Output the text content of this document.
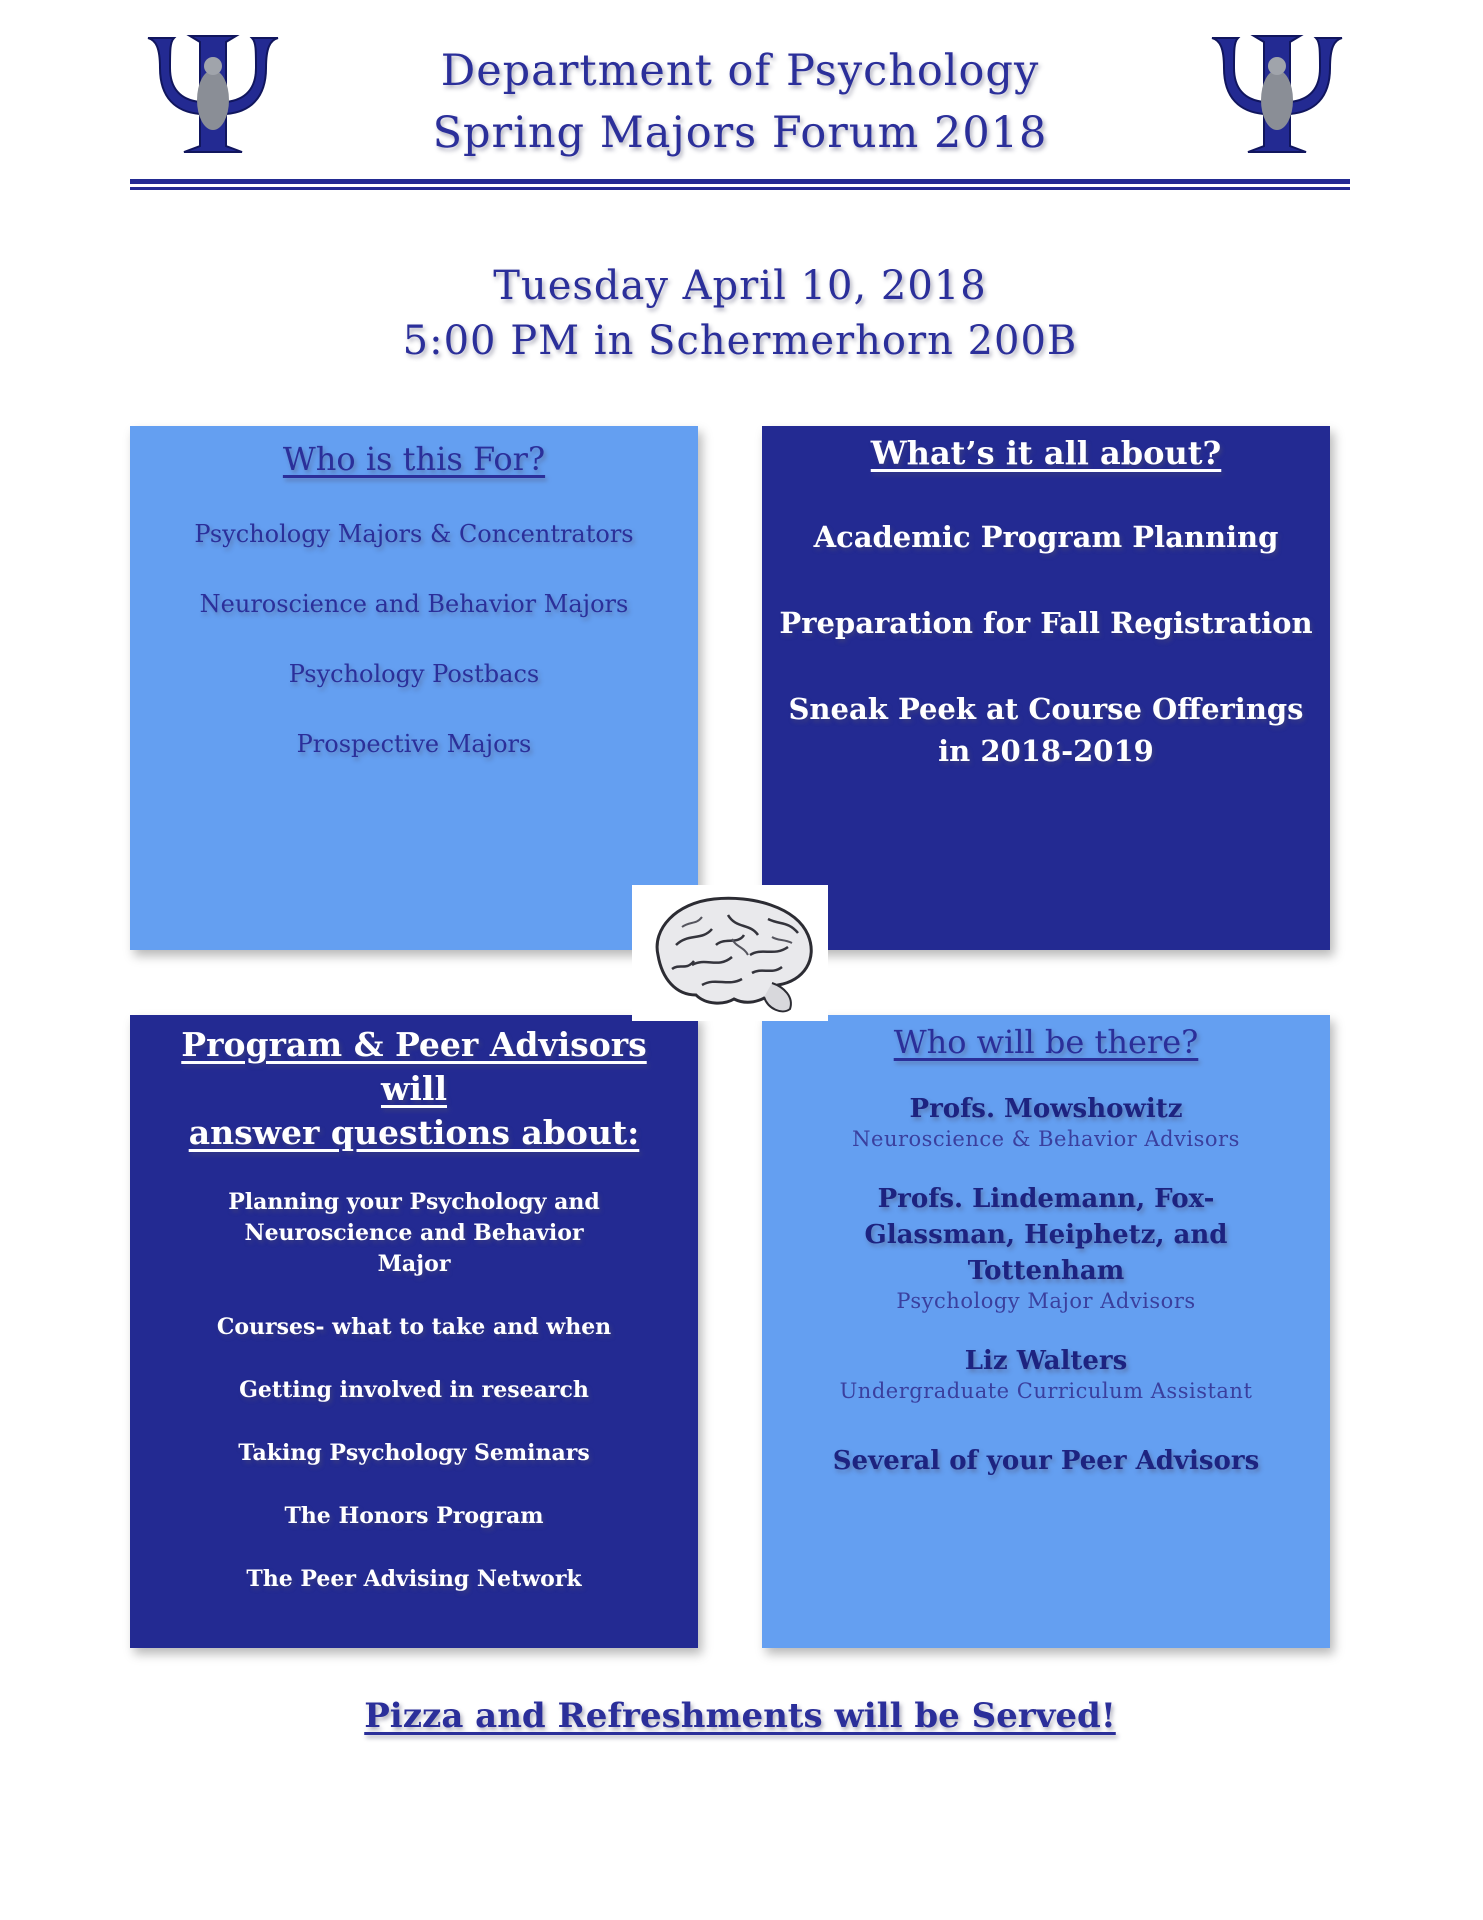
Department of Psychology
Spring Majors Forum 2018
Tuesday April 10, 2018
5:00 PM in Schermerhorn 200B
Who is this For?
Psychology Majors & Concentrators
Neuroscience and Behavior Majors
Psychology Postbacs
Prospective Majors
What’s it all about?
Academic Program Planning
Preparation for Fall Registration
Sneak Peek at Course Offerings in 2018-2019
Program & Peer Advisors will
answer questions about:
Planning your Psychology and Neuroscience and Behavior Major
Courses- what to take and when
Getting involved in research
Taking Psychology Seminars
The Honors Program
The Peer Advising Network
Who will be there?
Profs. Mowshowitz
Neuroscience & Behavior Advisors
Profs. Lindemann, Fox-Glassman, Heiphetz, and Tottenham
Psychology Major Advisors
Liz Walters
Undergraduate Curriculum Assistant
Several of your Peer Advisors
Pizza and Refreshments will be Served!
